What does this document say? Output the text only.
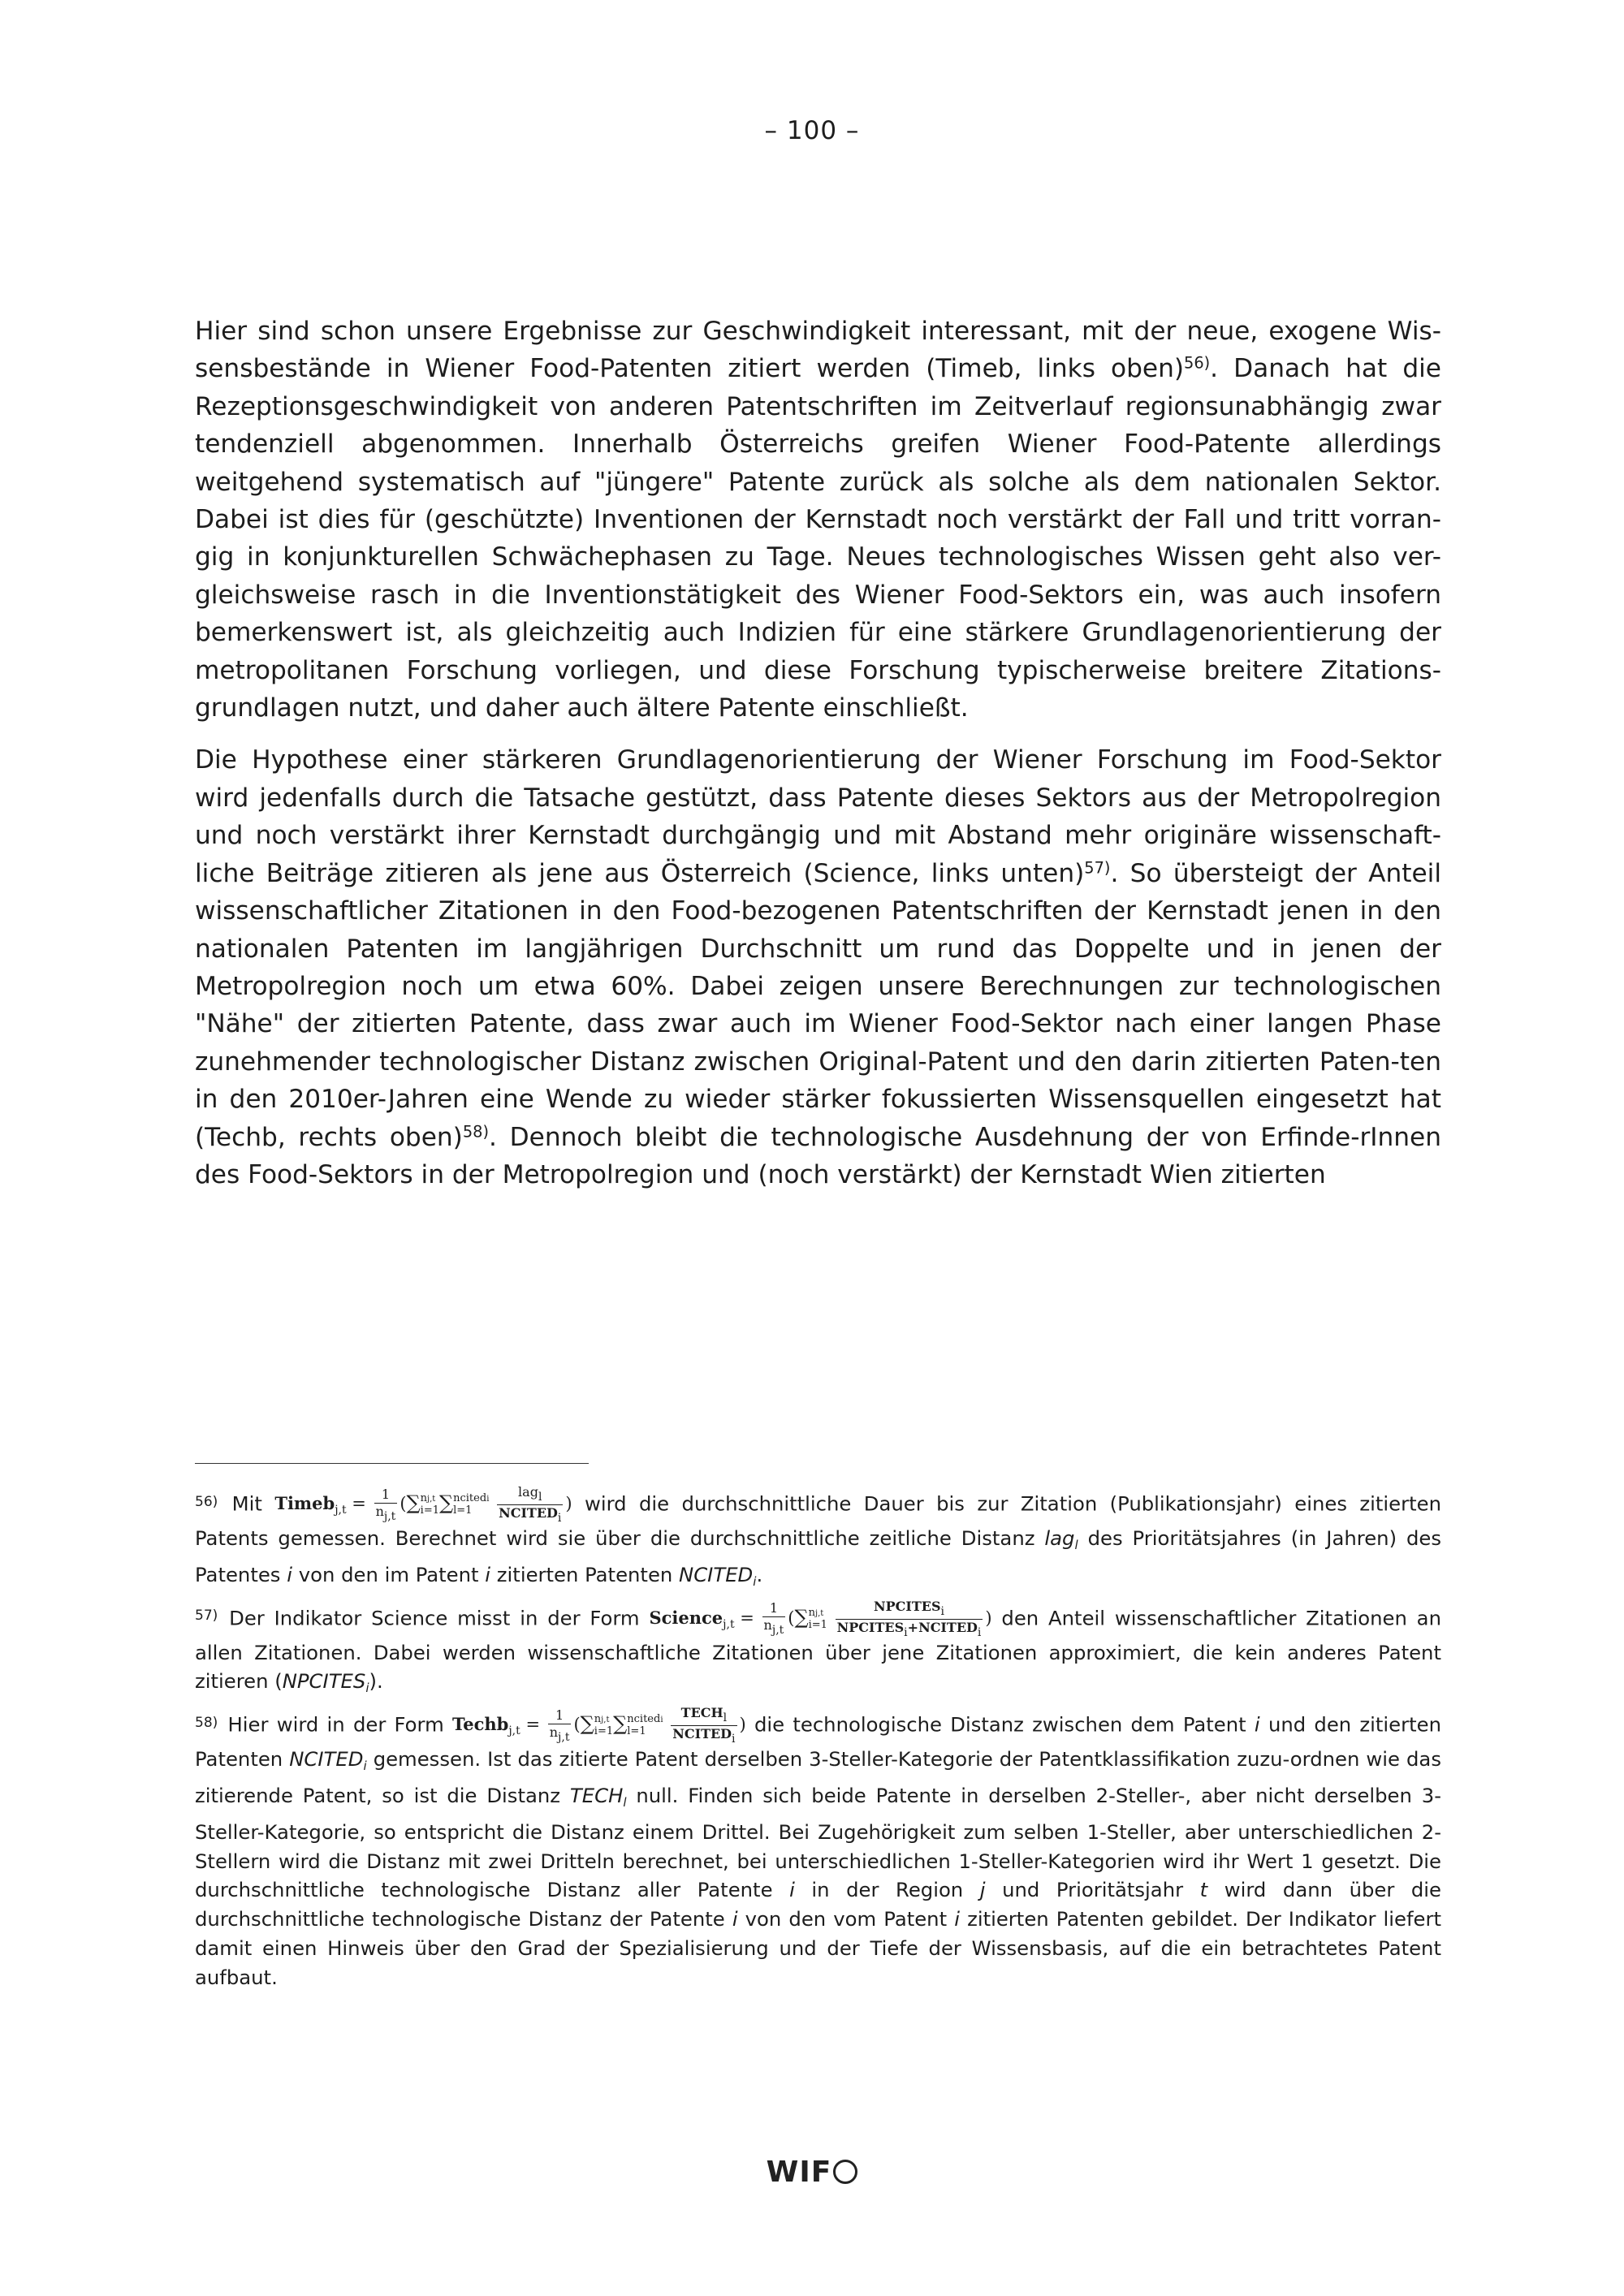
– 100 –

Hier sind schon unsere Ergebnisse zur Geschwindigkeit interessant, mit der neue, exogene Wis-sensbestände in Wiener Food-Patenten zitiert werden (Timeb, links oben)$^{56)}$. Danach hat die Rezeptionsgeschwindigkeit von anderen Patentschriften im Zeitverlauf regionsunabhängig zwar tendenziell abgenommen. Innerhalb Österreichs greifen Wiener Food-Patente allerdings weitgehend systematisch auf "jüngere" Patente zurück als solche als dem nationalen Sektor. Dabei ist dies für (geschützte) Inventionen der Kernstadt noch verstärkt der Fall und tritt vorran-gig in konjunkturellen Schwächephasen zu Tage. Neues technologisches Wissen geht also ver-gleichsweise rasch in die Inventionstätigkeit des Wiener Food-Sektors ein, was auch insofern bemerkenswert ist, als gleichzeitig auch Indizien für eine stärkere Grundlagenorientierung der metropolitanen Forschung vorliegen, und diese Forschung typischerweise breitere Zitations-grundlagen nutzt, und daher auch ältere Patente einschließt.

Die Hypothese einer stärkeren Grundlagenorientierung der Wiener Forschung im Food-Sektor wird jedenfalls durch die Tatsache gestützt, dass Patente dieses Sektors aus der Metropolregion und noch verstärkt ihrer Kernstadt durchgängig und mit Abstand mehr originäre wissenschaft-liche Beiträge zitieren als jene aus Österreich (Science, links unten)$^{57)}$. So übersteigt der Anteil wissenschaftlicher Zitationen in den Food-bezogenen Patentschriften der Kernstadt jenen in den nationalen Patenten im langjährigen Durchschnitt um rund das Doppelte und in jenen der Metropolregion noch um etwa 60%. Dabei zeigen unsere Berechnungen zur technologischen "Nähe" der zitierten Patente, dass zwar auch im Wiener Food-Sektor nach einer langen Phase zunehmender technologischer Distanz zwischen Original-Patent und den darin zitierten Paten-ten in den 2010er-Jahren eine Wende zu wieder stärker fokussierten Wissensquellen eingesetzt hat (Techb, rechts oben)$^{58)}$. Dennoch bleibt die technologische Ausdehnung der von Erfinde-rInnen des Food-Sektors in der Metropolregion und (noch verstärkt) der Kernstadt Wien zitierten

$^{56)}$ Mit Timeb$_{j,t}$ = $\frac{1}{nj,t} (\sum nj,t$
i=1∑ncitedi
$l=1 \frac{\text{lagl}}{\text{NCITEDi}}$ ) wird die durchschnittliche Dauer bis zur Zitation (Publikationsjahr) eines zitierten Patents gemessen. Berechnet wird sie über die durchschnittliche zeitliche Distanz lag$_l$ des Prioritätsjahres (in Jahren) des Patentes i von den im Patent i zitierten Patenten $NCITED_i$.
$^{57)}$ Der Indikator Science misst in der Form Science$_{j,t}$ = $\frac{1}{nj,t} (\sum nj,t$
$i=1 \frac{\text{NPCITESi}}{\text{NPCITESi+NCITEDi}}$ ) den Anteil wissenschaftlicher Zitationen an allen Zitationen. Dabei werden wissenschaftliche Zitationen über jene Zitationen approximiert, die kein anderes Patent zitieren $(NPCITES_i)$.
$^{58)}$ Hier wird in der Form Techb$_{j,t}$ = $\frac{1}{nj,t} (\sum nj,t$
i=1∑ncitedi
$l=1 \frac{\text{TECHl}}{\text{NCITEDi}}$ ) die technologische Distanz zwischen dem Patent i und den zitierten Patenten $NCITED_i$ gemessen. Ist das zitierte Patent derselben 3-Steller-Kategorie der Patentklassifikation zuzu-ordnen wie das zitierende Patent, so ist die Distanz $TECH_l$ null. Finden sich beide Patente in derselben 2-Steller-, aber nicht derselben 3-Steller-Kategorie, so entspricht die Distanz einem Drittel. Bei Zugehörigkeit zum selben 1-Steller, aber unterschiedlichen 2-Stellern wird die Distanz mit zwei Dritteln berechnet, bei unterschiedlichen 1-Steller-Kategorien wird ihr Wert 1 gesetzt. Die durchschnittliche technologische Distanz aller Patente i in der Region j und Prioritätsjahr t wird dann über die durchschnittliche technologische Distanz der Patente i von den vom Patent i zitierten Patenten gebildet. Der Indikator liefert damit einen Hinweis über den Grad der Spezialisierung und der Tiefe der Wissensbasis, auf die ein betrachtetes Patent aufbaut.
WIF
